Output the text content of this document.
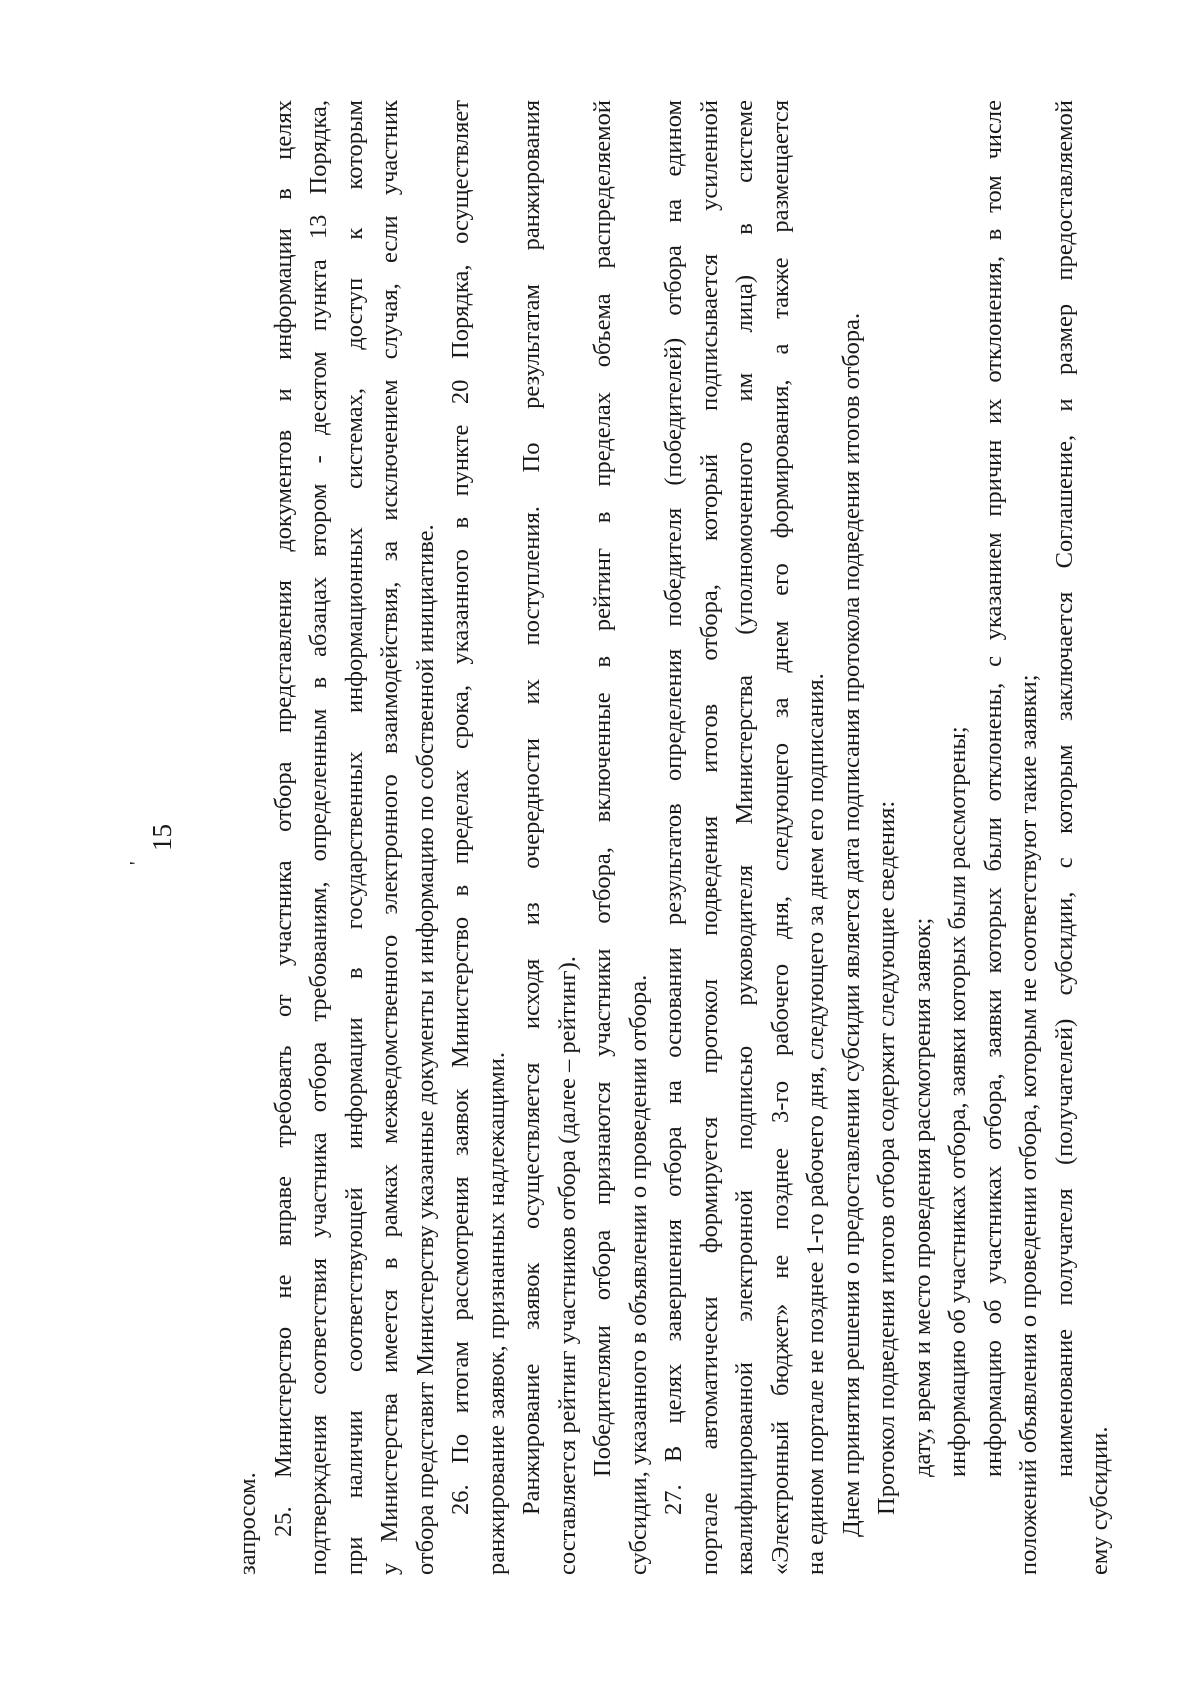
15
'
запросом. 25. Министерство не вправе требовать от участника отбора представления документов и информации в целях подтверждения соответствия участника отбора требованиям, определенным в абзацах втором - десятом пункта 13 Порядка, при наличии соответствующей информации в государственных информационных системах, доступ к которым у Министерства имеется в рамках межведомственного электронного взаимодействия, за исключением случая, если участник отбора представит Министерству указанные документы и информацию по собственной инициативе. 26. По итогам рассмотрения заявок Министерство в пределах срока, указанного в пункте 20 Порядка, осуществляет ранжирование заявок, признанных надлежащими. Ранжирование заявок осуществляется исходя из очередности их поступления. По результатам ранжирования составляется рейтинг участников отбора (далее – рейтинг). Победителями отбора признаются участники отбора, включенные в рейтинг в пределах объема распределяемой субсидии, указанного в объявлении о проведении отбора. 27. В целях завершения отбора на основании результатов определения победителя (победителей) отбора на едином портале автоматически формируется протокол подведения итогов отбора, который подписывается усиленной квалифицированной электронной подписью руководителя Министерства (уполномоченного им лица) в системе «Электронный бюджет» не позднее 3-го рабочего дня, следующего за днем его формирования, а также размещается на едином портале не позднее 1-го рабочего дня, следующего за днем его подписания. Днем принятия решения о предоставлении субсидии является дата подписания протокола подведения итогов отбора. Протокол подведения итогов отбора содержит следующие сведения: дату, время и место проведения рассмотрения заявок; информацию об участниках отбора, заявки которых были рассмотрены; информацию об участниках отбора, заявки которых были отклонены, с указанием причин их отклонения, в том числе положений объявления о проведении отбора, которым не соответствуют такие заявки; наименование получателя (получателей) субсидии, с которым заключается Соглашение, и размер предоставляемой
ему субсидии.
